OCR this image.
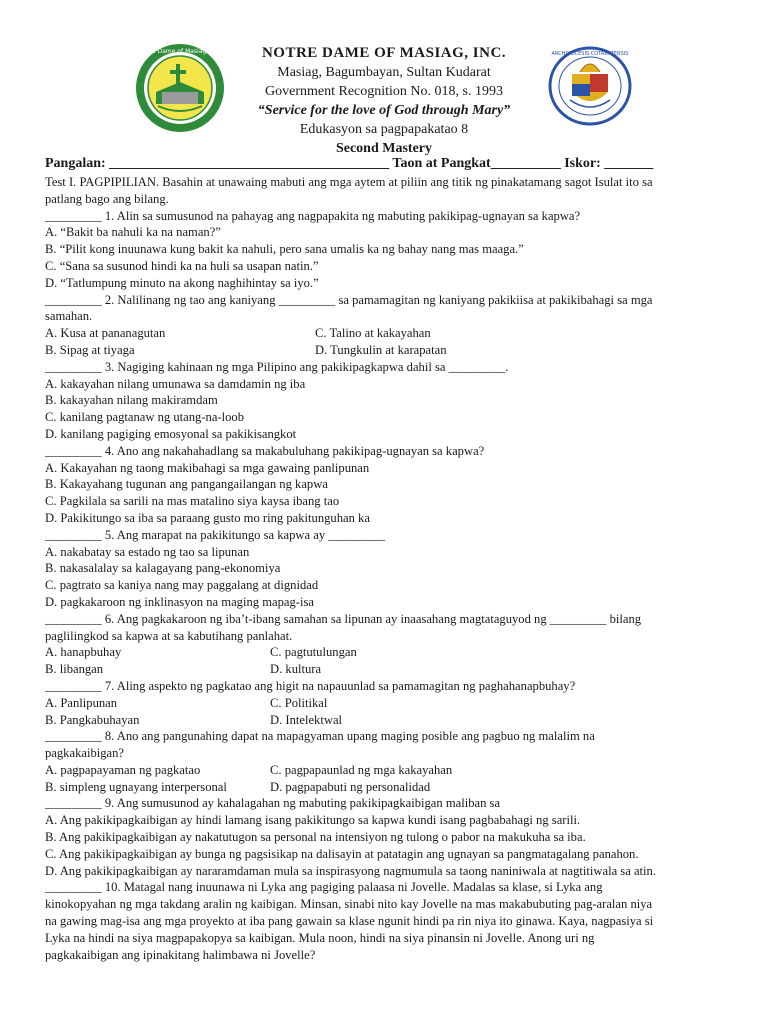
Notre Dame of Masiag, Inc.	ARCHDIOCESIS COTABATENSIS
NOTRE DAME OF MASIAG, INC.
Masiag, Bagumbayan, Sultan Kudarat
Government Recognition No. 018, s. 1993
“Service for the love of God through Mary”
Edukasyon sa pagpapakatao 8
Second Mastery
Pangalan: ________________________________________ Taon at Pangkat__________ Iskor: _______
Test I. PAGPIPILIAN. Basahin at unawaing mabuti ang mga aytem at piliin ang titik ng pinakatamang sagot Isulat ito sa
patlang bago ang bilang.
_________ 1. Alin sa sumusunod na pahayag ang nagpapakita ng mabuting pakikipag-ugnayan sa kapwa?
A. “Bakit ba nahuli ka na naman?”
B. “Pilit kong inuunawa kung bakit ka nahuli, pero sana umalis ka ng bahay nang mas maaga.”
C. “Sana sa susunod hindi ka na huli sa usapan natin.”
D. “Tatlumpung minuto na akong naghihintay sa iyo.”
_________ 2. Nalilinang ng tao ang kaniyang _________ sa pamamagitan ng kaniyang pakikiisa at pakikibahagi sa mga
samahan.
A. Kusa at pananagutan	C. Talino at kakayahan
B. Sipag at tiyaga	D. Tungkulin at karapatan
_________ 3. Nagiging kahinaan ng mga Pilipino ang pakikipagkapwa dahil sa _________.
A. kakayahan nilang umunawa sa damdamin ng iba
B. kakayahan nilang makiramdam
C. kanilang pagtanaw ng utang-na-loob
D. kanilang pagiging emosyonal sa pakikisangkot
_________ 4. Ano ang nakahahadlang sa makabuluhang pakikipag-ugnayan sa kapwa?
A. Kakayahan ng taong makibahagi sa mga gawaing panlipunan
B. Kakayahang tugunan ang pangangailangan ng kapwa
C. Pagkilala sa sarili na mas matalino siya kaysa ibang tao
D. Pakikitungo sa iba sa paraang gusto mo ring pakitunguhan ka
_________ 5. Ang marapat na pakikitungo sa kapwa ay _________
A. nakabatay sa estado ng tao sa lipunan
B. nakasalalay sa kalagayang pang-ekonomiya
C. pagtrato sa kaniya nang may paggalang at dignidad
D. pagkakaroon ng inklinasyon na maging mapag-isa
_________ 6. Ang pagkakaroon ng iba’t-ibang samahan sa lipunan ay inaasahang magtataguyod ng _________ bilang
paglilingkod sa kapwa at sa kabutihang panlahat.
A. hanapbuhay	C. pagtutulungan
B. libangan	D. kultura
_________ 7. Aling aspekto ng pagkatao ang higit na napauunlad sa pamamagitan ng paghahanapbuhay?
A. Panlipunan	C. Politikal
B. Pangkabuhayan	D. Intelektwal
_________ 8. Ano ang pangunahing dapat na mapagyaman upang maging posible ang pagbuo ng malalim na
pagkakaibigan?
A. pagpapayaman ng pagkatao	C. pagpapaunlad ng mga kakayahan
B. simpleng ugnayang interpersonal	D. pagpapabuti ng personalidad
_________ 9. Ang sumusunod ay kahalagahan ng mabuting pakikipagkaibigan maliban sa
A. Ang pakikipagkaibigan ay hindi lamang isang pakikitungo sa kapwa kundi isang pagbabahagi ng sarili.
B. Ang pakikipagkaibigan ay nakatutugon sa personal na intensiyon ng tulong o pabor na makukuha sa iba.
C. Ang pakikipagkaibigan ay bunga ng pagsisikap na dalisayin at patatagin ang ugnayan sa pangmatagalang panahon.
D. Ang pakikipagkaibigan ay nararamdaman mula sa inspirasyong nagmumula sa taong naniniwala at nagtitiwala sa atin.
_________ 10. Matagal nang inuunawa ni Lyka ang pagiging palaasa ni Jovelle. Madalas sa klase, si Lyka ang
kinokopyahan ng mga takdang aralin ng kaibigan. Minsan, sinabi nito kay Jovelle na mas makabubuting pag-aralan niya
na gawing mag-isa ang mga proyekto at iba pang gawain sa klase ngunit hindi pa rin niya ito ginawa. Kaya, nagpasiya si
Lyka na hindi na siya magpapakopya sa kaibigan. Mula noon, hindi na siya pinansin ni Jovelle. Anong uri ng
pagkakaibigan ang ipinakitang halimbawa ni Jovelle?
